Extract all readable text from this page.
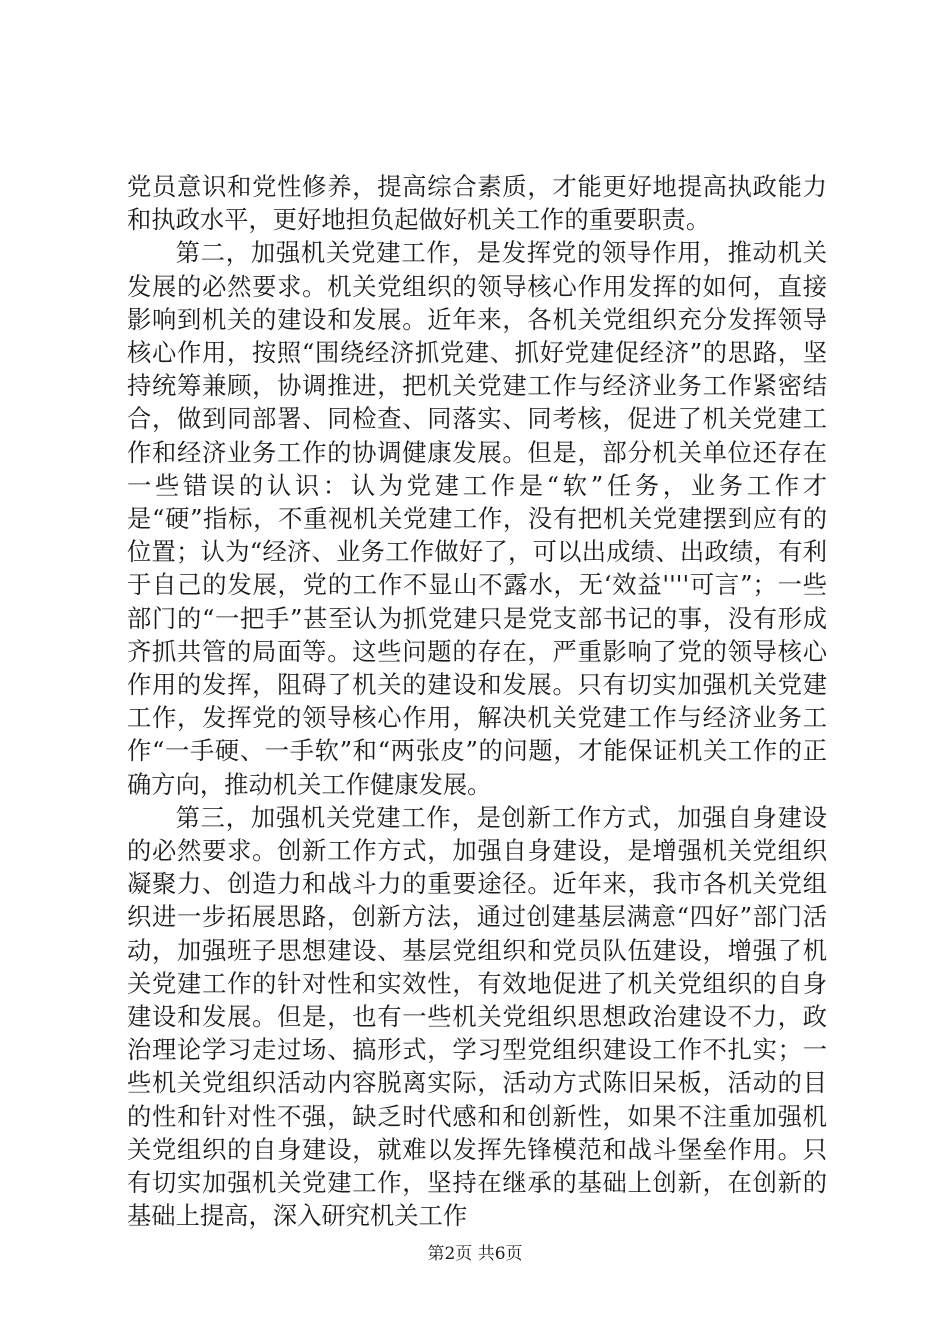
党员意识和党性修养，提高综合素质，才能更好地提高执政能力和执政水平，更好地担负起做好机关工作的重要职责。

第二，加强机关党建工作，是发挥党的领导作用，推动机关发展的必然要求。机关党组织的领导核心作用发挥的如何，直接影响到机关的建设和发展。近年来，各机关党组织充分发挥领导核心作用，按照“围绕经济抓党建、抓好党建促经济”的思路，坚持统筹兼顾，协调推进，把机关党建工作与经济业务工作紧密结合，做到同部署、同检查、同落实、同考核，促进了机关党建工作和经济业务工作的协调健康发展。但是，部分机关单位还存在一些错误的认识：认为党建工作是“软”任务，业务工作才是“硬”指标，不重视机关党建工作，没有把机关党建摆到应有的位置；认为“经济、业务工作做好了，可以出成绩、出政绩，有利于自己的发展，党的工作不显山不露水，无‘效益''''可言”；一些部门的“一把手”甚至认为抓党建只是党支部书记的事，没有形成齐抓共管的局面等。这些问题的存在，严重影响了党的领导核心作用的发挥，阻碍了机关的建设和发展。只有切实加强机关党建工作，发挥党的领导核心作用，解决机关党建工作与经济业务工作“一手硬、一手软”和“两张皮”的问题，才能保证机关工作的正确方向，推动机关工作健康发展。

第三，加强机关党建工作，是创新工作方式，加强自身建设的必然要求。创新工作方式，加强自身建设，是增强机关党组织凝聚力、创造力和战斗力的重要途径。近年来，我市各机关党组织进一步拓展思路，创新方法，通过创建基层满意“四好”部门活动，加强班子思想建设、基层党组织和党员队伍建设，增强了机关党建工作的针对性和实效性，有效地促进了机关党组织的自身建设和发展。但是，也有一些机关党组织思想政治建设不力，政治理论学习走过场、搞形式，学习型党组织建设工作不扎实；一些机关党组织活动内容脱离实际，活动方式陈旧呆板，活动的目的性和针对性不强，缺乏时代感和和创新性，如果不注重加强机关党组织的自身建设，就难以发挥先锋模范和战斗堡垒作用。只有切实加强机关党建工作，坚持在继承的基础上创新，在创新的基础上提高，深入研究机关工作

第2页 共6页
